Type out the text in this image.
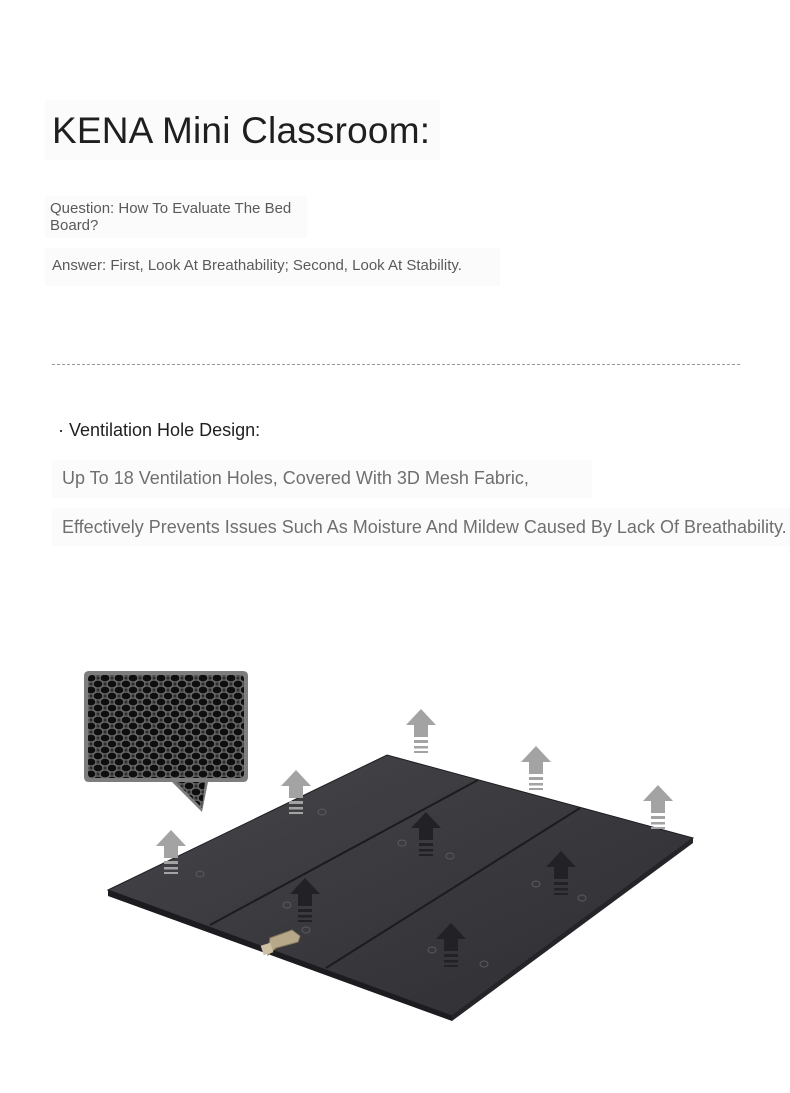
KENA Mini Classroom:
Question: How To Evaluate The Bed Board?
Answer: First, Look At Breathability; Second, Look At Stability.
· Ventilation Hole Design:
Up To 18 Ventilation Holes, Covered With 3D Mesh Fabric,
Effectively Prevents Issues Such As Moisture And Mildew Caused By Lack Of Breathability.
